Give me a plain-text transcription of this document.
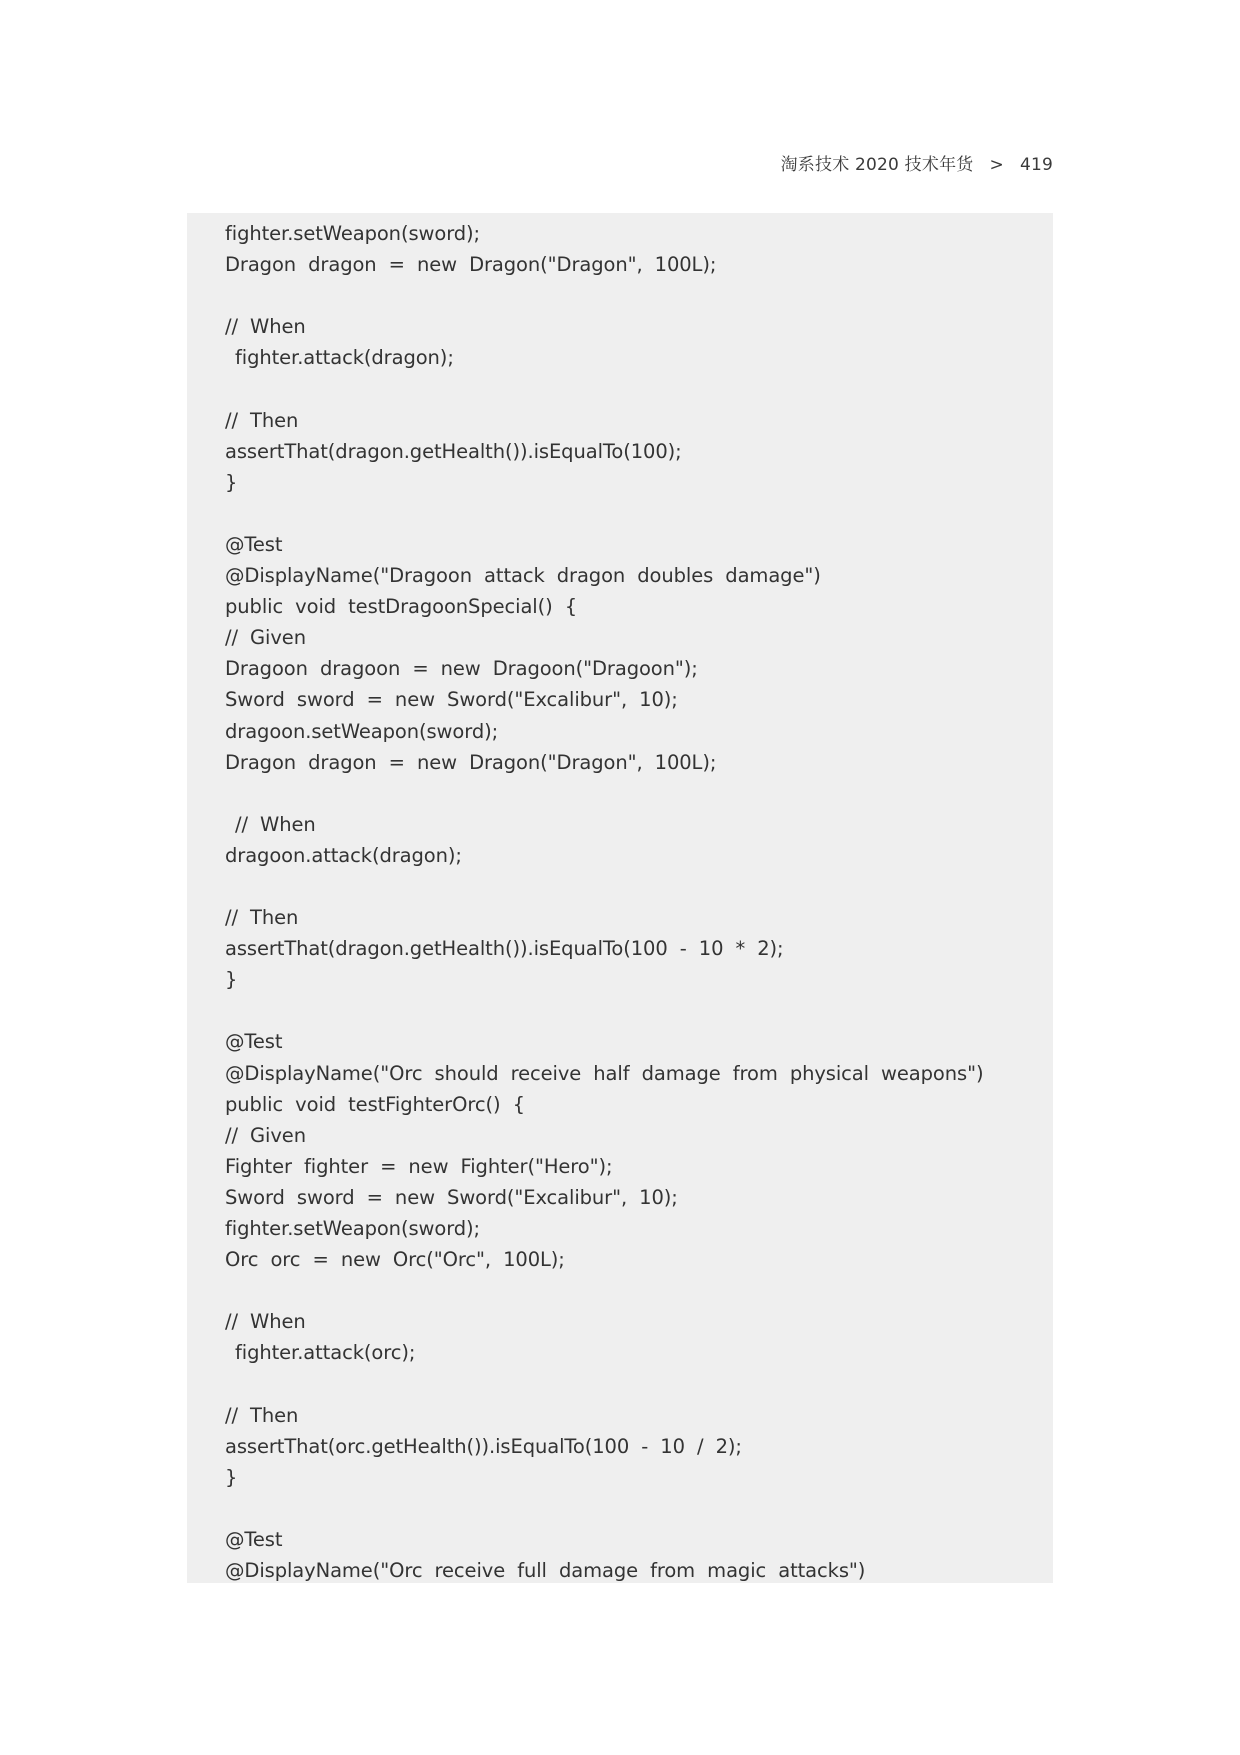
淘系技术 2020 技术年货 > 419
fighter.setWeapon(sword);
Dragon dragon = new Dragon("Dragon", 100L);
// When
fighter.attack(dragon);
// Then
assertThat(dragon.getHealth()).isEqualTo(100);
}
@Test
@DisplayName("Dragoon attack dragon doubles damage")
public void testDragoonSpecial() {
// Given
Dragoon dragoon = new Dragoon("Dragoon");
Sword sword = new Sword("Excalibur", 10);
dragoon.setWeapon(sword);
Dragon dragon = new Dragon("Dragon", 100L);
// When
dragoon.attack(dragon);
// Then
assertThat(dragon.getHealth()).isEqualTo(100 - 10 * 2);
}
@Test
@DisplayName("Orc should receive half damage from physical weapons")
public void testFighterOrc() {
// Given
Fighter fighter = new Fighter("Hero");
Sword sword = new Sword("Excalibur", 10);
fighter.setWeapon(sword);
Orc orc = new Orc("Orc", 100L);
// When
fighter.attack(orc);
// Then
assertThat(orc.getHealth()).isEqualTo(100 - 10 / 2);
}
@Test
@DisplayName("Orc receive full damage from magic attacks")
